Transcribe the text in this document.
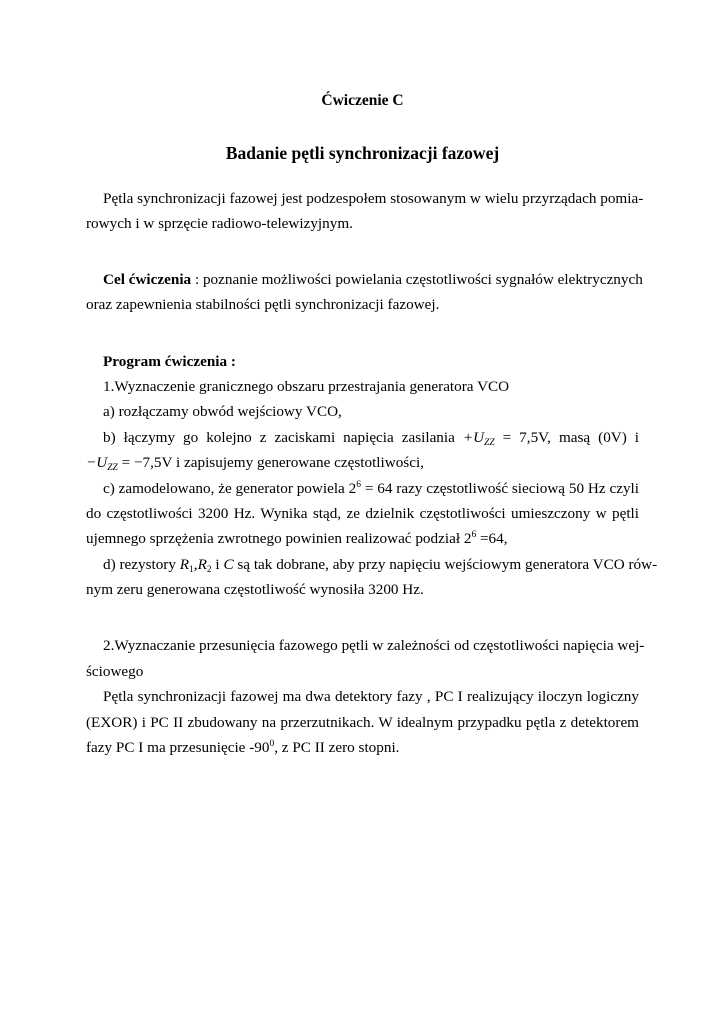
Ćwiczenie C
Badanie pętli synchronizacji fazowej
Pętla synchronizacji fazowej jest podzespołem stosowanym w wielu przyrządach pomia-
rowych i w sprzęcie radiowo-telewizyjnym.
Cel ćwiczenia : poznanie możliwości powielania częstotliwości sygnałów elektrycznych
oraz zapewnienia stabilności pętli synchronizacji fazowej.
Program ćwiczenia :
1.Wyznaczenie granicznego obszaru przestrajania generatora VCO
a) rozłączamy obwód wejściowy VCO,
b) łączymy go kolejno z zaciskami napięcia zasilania $+U_{ZZ} = 7,5V$, masą (0V) i
$-U_{ZZ} = -7,5V$ i zapisujemy generowane częstotliwości,
c) zamodelowano, że generator powiela $2^6 = 64$ razy częstotliwość sieciową 50 Hz czyli
do częstotliwości 3200 Hz. Wynika stąd, ze dzielnik częstotliwości umieszczony w pętli
ujemnego sprzężenia zwrotnego powinien realizować podział $2^6 =64$,
d) rezystory $R_1,R_2$ i C są tak dobrane, aby przy napięciu wejściowym generatora VCO rów-
nym zeru generowana częstotliwość wynosiła 3200 Hz.
2.Wyznaczanie przesunięcia fazowego pętli w zależności od częstotliwości napięcia wej-
ściowego
Pętla synchronizacji fazowej ma dwa detektory fazy , PC I realizujący iloczyn logiczny
(EXOR) i PC II zbudowany na przerzutnikach. W idealnym przypadku pętla z detektorem
fazy PC I ma przesunięcie $-90^0$, z PC II zero stopni.
